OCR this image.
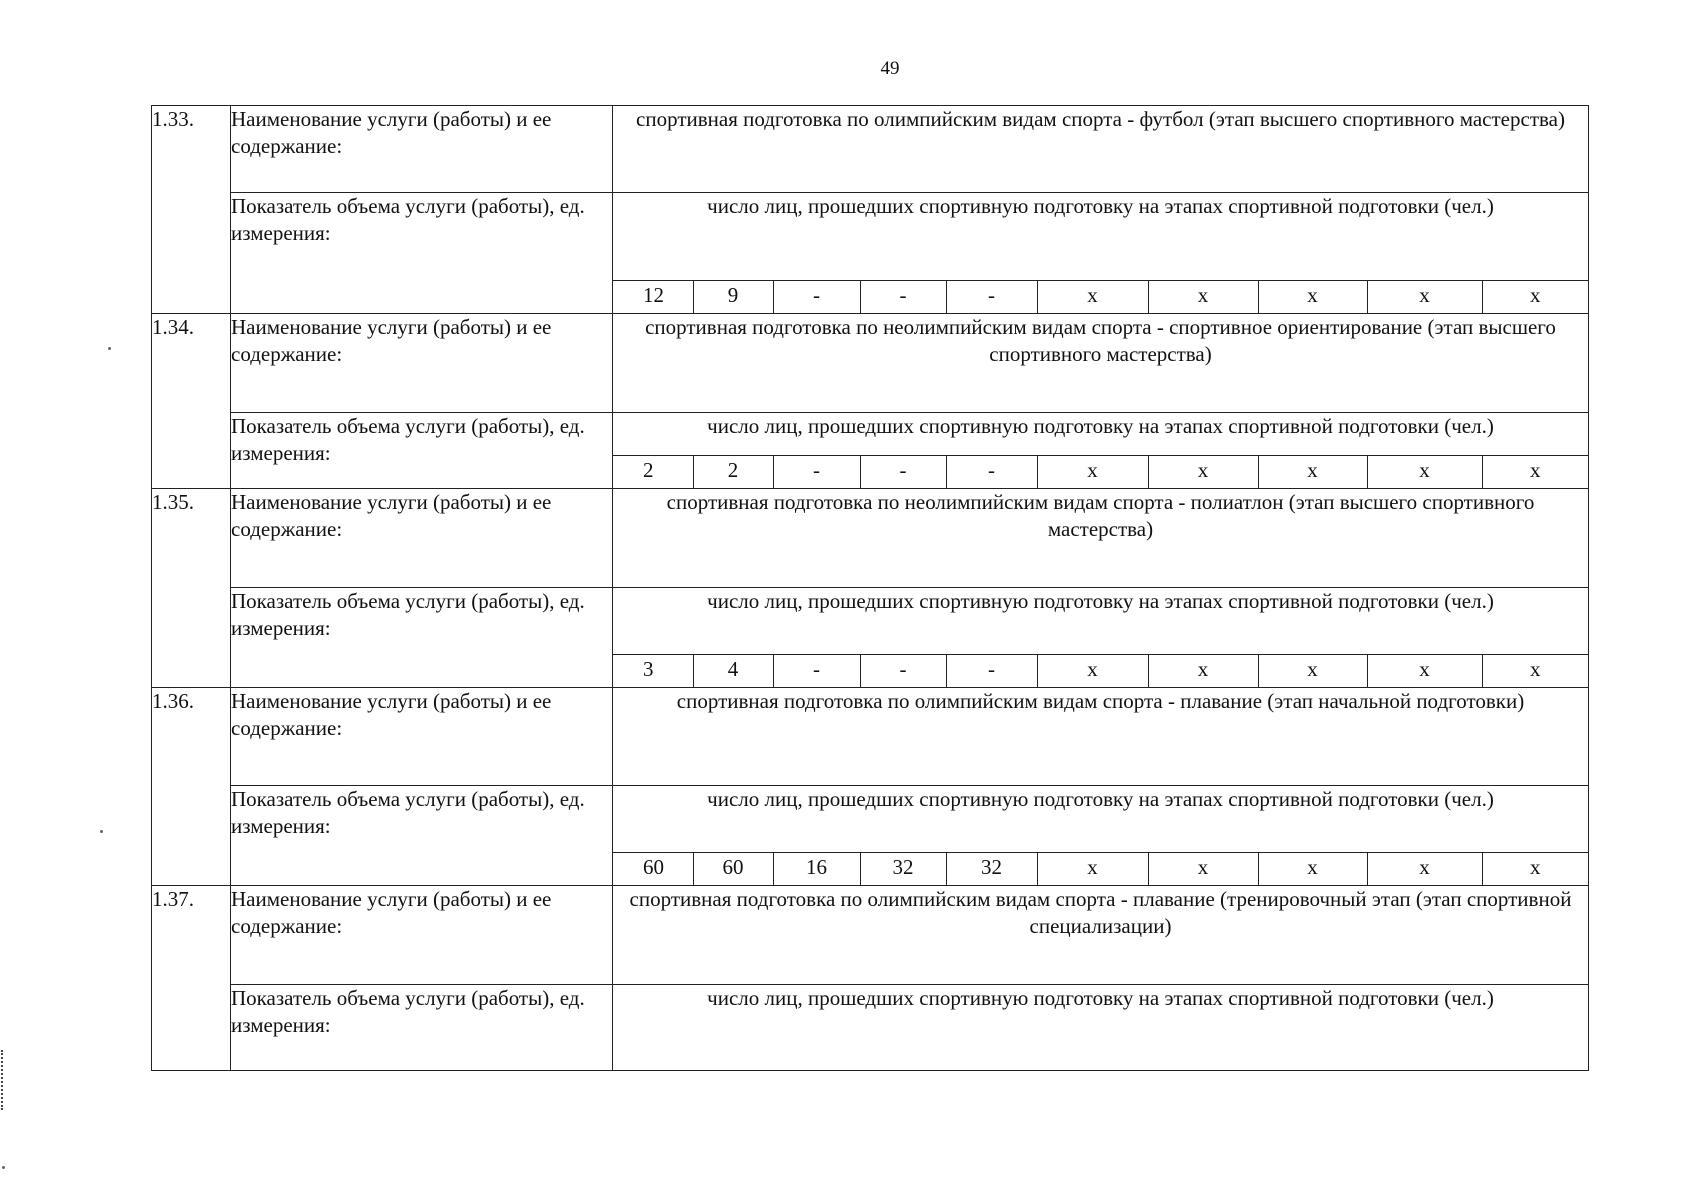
49
1.33.	Наименование услуги (работы) и ее содержание:	спортивная подготовка по олимпийским видам спорта - футбол (этап высшего спортивного мастерства)
Показатель объема услуги (работы), ед. измерения:	число лиц, прошедших спортивную подготовку на этапах спортивной подготовки (чел.)

12	9	-	-	-	х	х	х	х	х

1.34.	Наименование услуги (работы) и ее содержание:	спортивная подготовка по неолимпийским видам спорта - спортивное ориентирование (этап высшего спортивного мастерства)
Показатель объема услуги (работы), ед. измерения:	число лиц, прошедших спортивную подготовку на этапах спортивной подготовки (чел.)

2	2	-	-	-	х	х	х	х	х

1.35.	Наименование услуги (работы) и ее содержание:	спортивная подготовка по неолимпийским видам спорта - полиатлон (этап высшего спортивного мастерства)
Показатель объема услуги (работы), ед. измерения:	число лиц, прошедших спортивную подготовку на этапах спортивной подготовки (чел.)

3	4	-	-	-	х	х	х	х	х

1.36.	Наименование услуги (работы) и ее содержание:	спортивная подготовка по олимпийским видам спорта - плавание (этап начальной подготовки)
Показатель объема услуги (работы), ед. измерения:	число лиц, прошедших спортивную подготовку на этапах спортивной подготовки (чел.)

60	60	16	32	32	х	х	х	х	х

1.37.	Наименование услуги (работы) и ее содержание:	спортивная подготовка по олимпийским видам спорта - плавание (тренировочный этап (этап спортивной специализации)
Показатель объема услуги (работы), ед. измерения:	число лиц, прошедших спортивную подготовку на этапах спортивной подготовки (чел.)
